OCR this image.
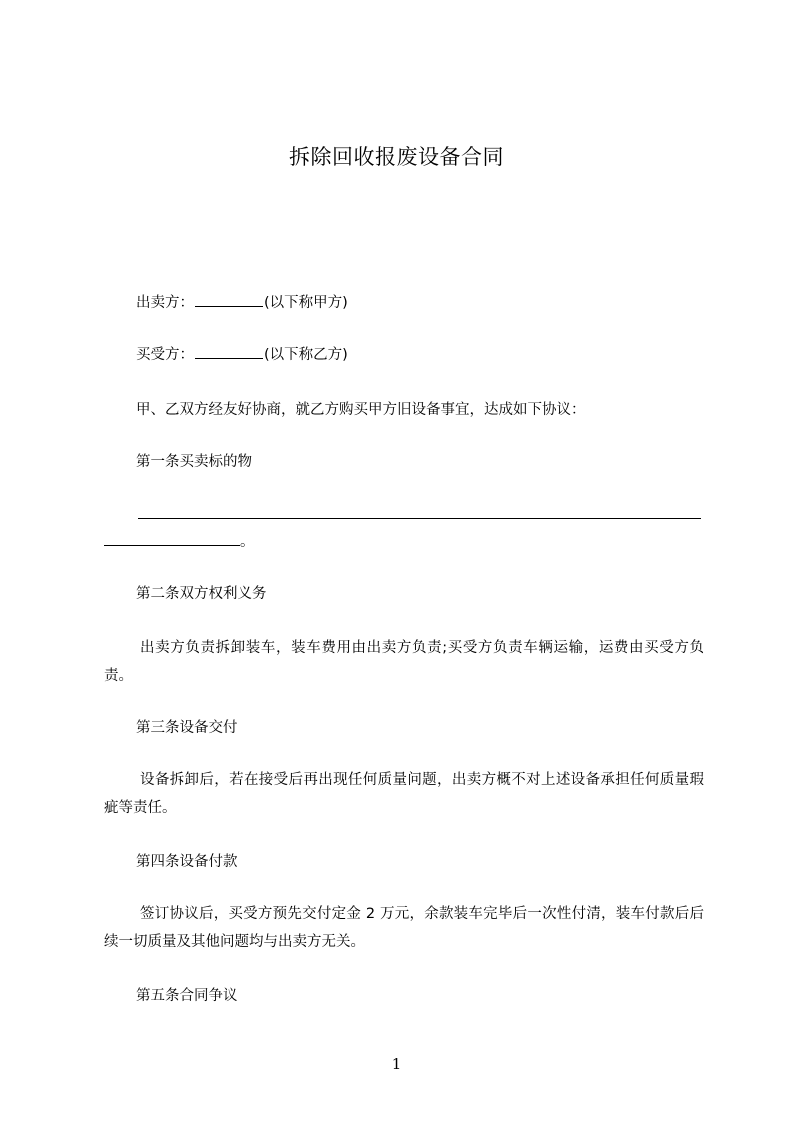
拆除回收报废设备合同
出卖方：	(以下称甲方)
买受方：	(以下称乙方)
甲、乙双方经友好协商，就乙方购买甲方旧设备事宜，达成如下协议：
第一条买卖标的物
。
第二条双方权利义务
出卖方负责拆卸装车，装车费用由出卖方负责;买受方负责车辆运输，运费由买受方负责。
第三条设备交付
设备拆卸后，若在接受后再出现任何质量问题，出卖方概不对上述设备承担任何质量瑕疵等责任。
第四条设备付款
签订协议后，买受方预先交付定金 2 万元，余款装车完毕后一次性付清，装车付款后后续一切质量及其他问题均与出卖方无关。
第五条合同争议
1
